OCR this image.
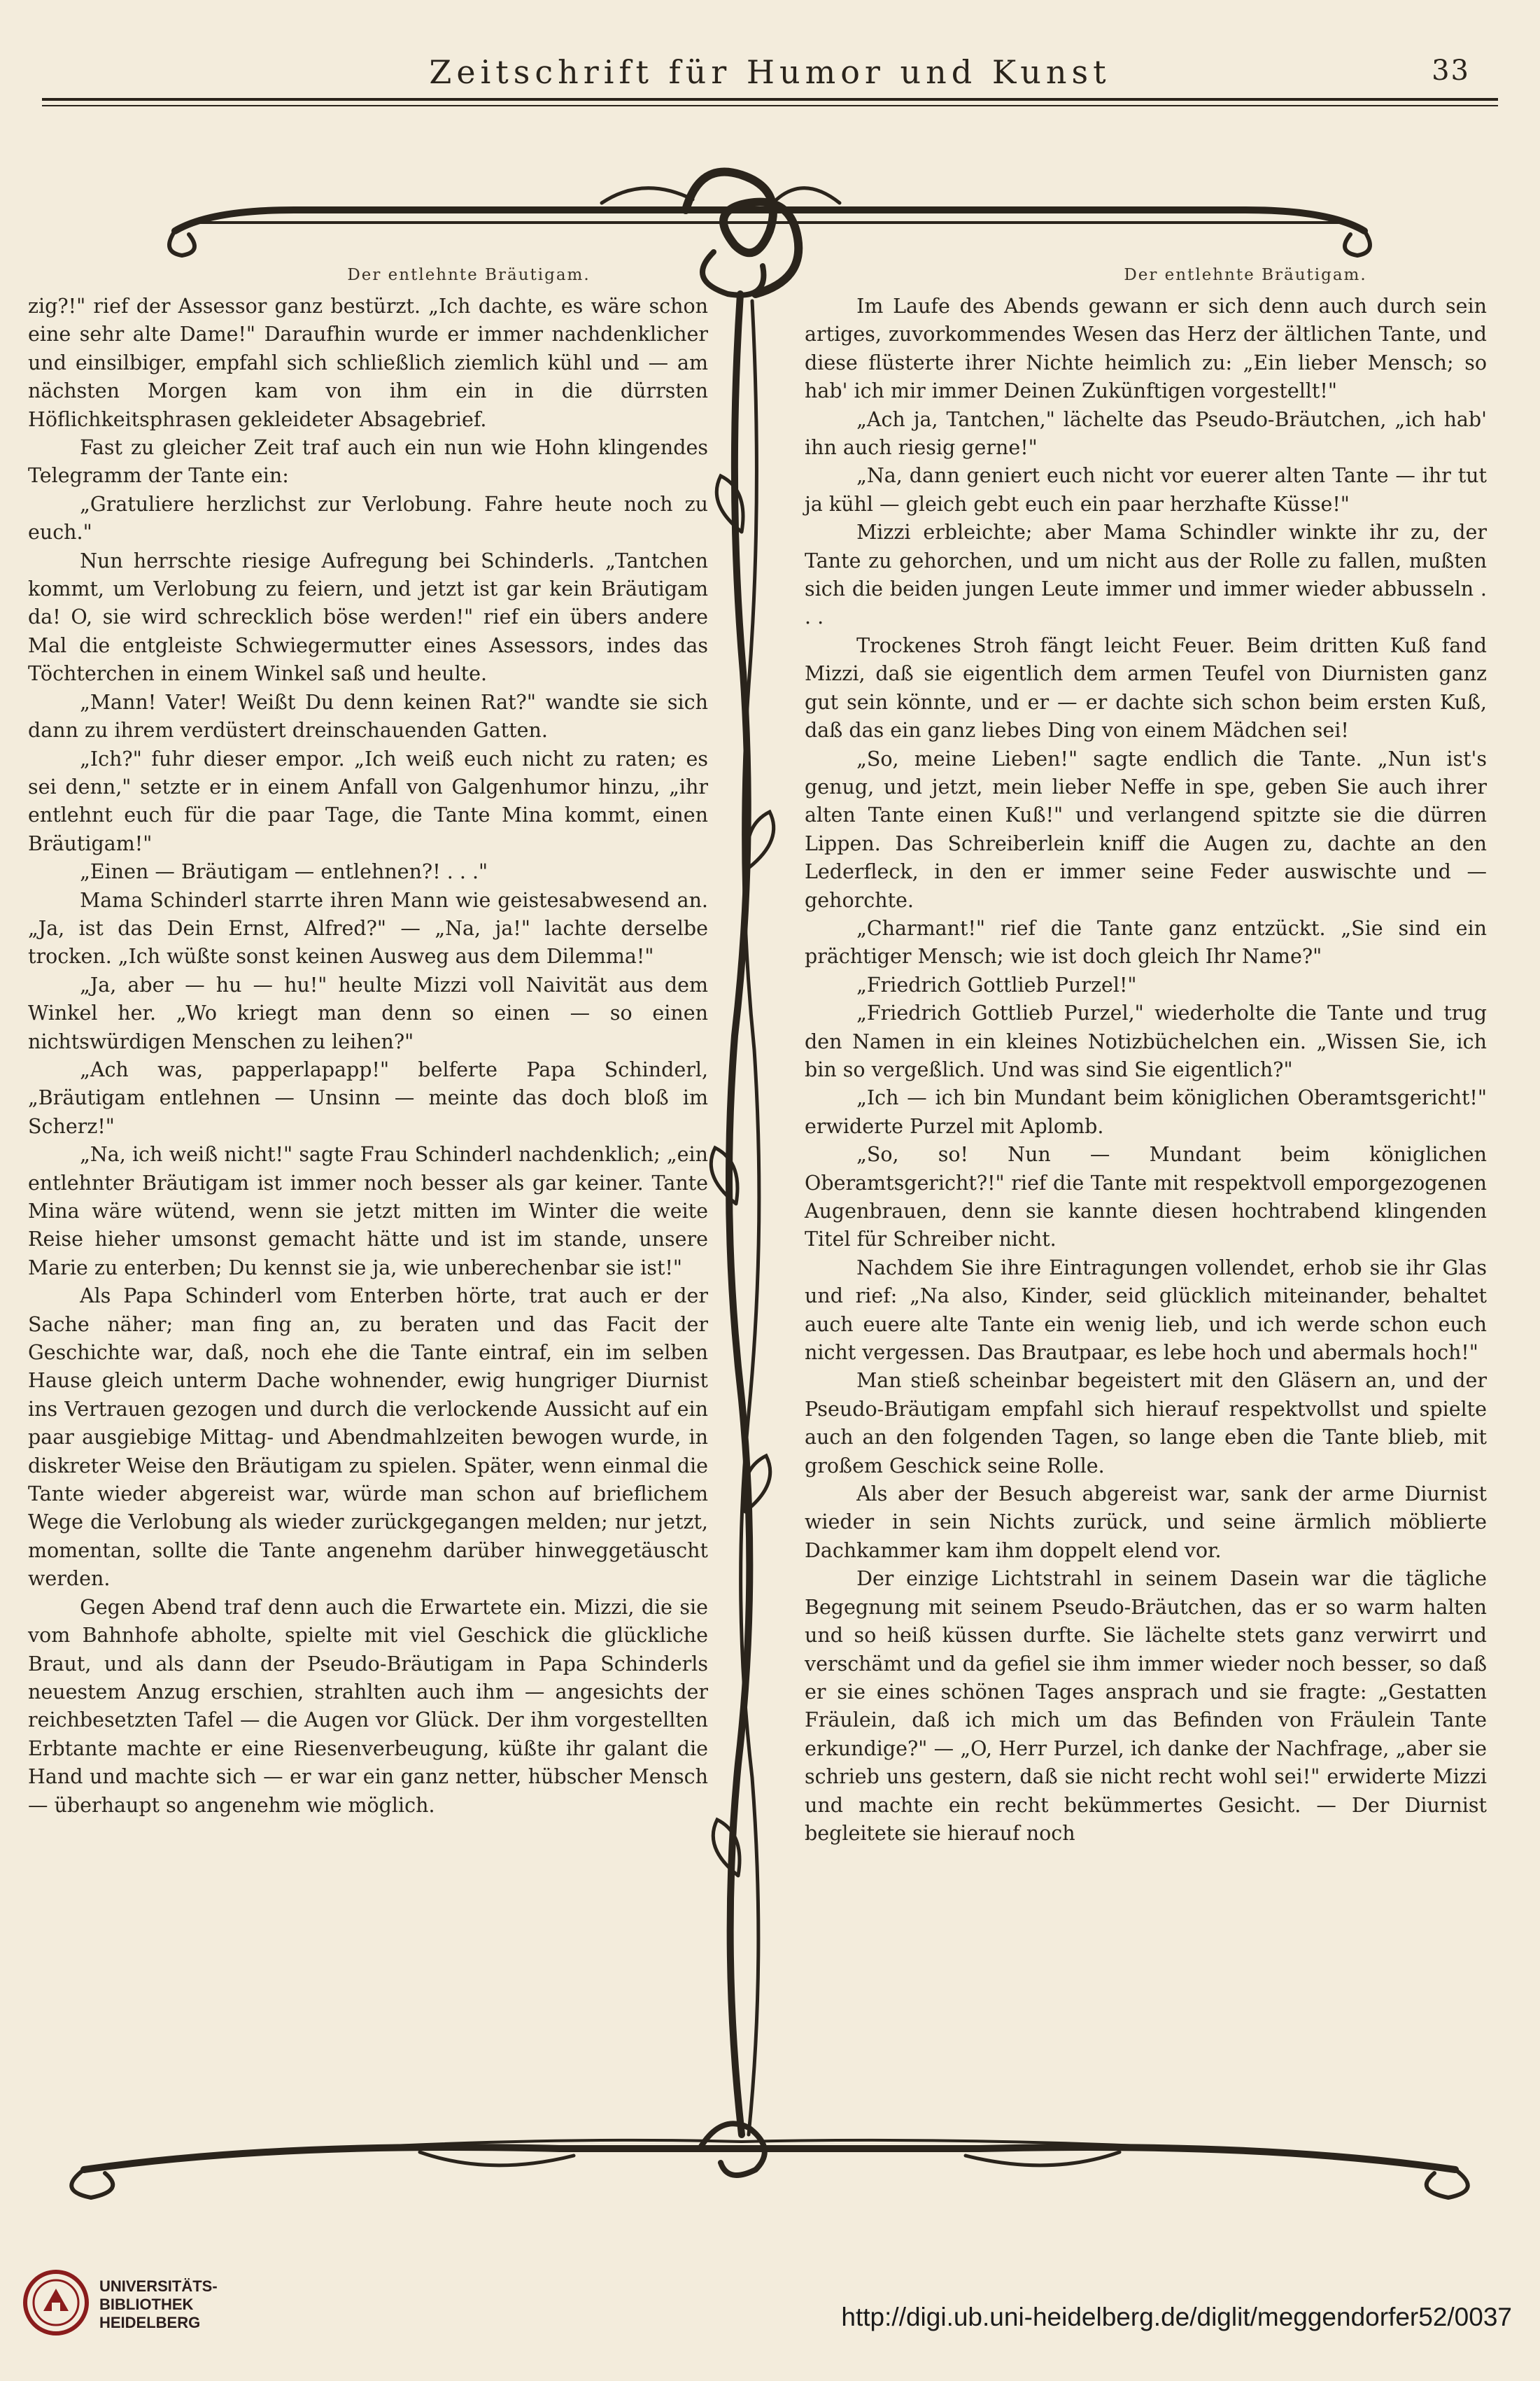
Zeitschrift für Humor und Kunst	33
Der entlehnte Bräutigam.	Der entlehnte Bräutigam.

zig?!" rief der Assessor ganz bestürzt. „Ich dachte, es wäre schon eine sehr alte Dame!" Daraufhin wurde er immer nachdenklicher und einsilbiger, empfahl sich schließlich ziemlich kühl und — am nächsten Morgen kam von ihm ein in die dürrsten Höflichkeitsphrasen gekleideter Absagebrief.

Fast zu gleicher Zeit traf auch ein nun wie Hohn klingendes Telegramm der Tante ein:

„Gratuliere herzlichst zur Verlobung. Fahre heute noch zu euch."

Nun herrschte riesige Aufregung bei Schinderls. „Tantchen kommt, um Verlobung zu feiern, und jetzt ist gar kein Bräutigam da! O, sie wird schrecklich böse werden!" rief ein übers andere Mal die entgleiste Schwiegermutter eines Assessors, indes das Töchterchen in einem Winkel saß und heulte.

„Mann! Vater! Weißt Du denn keinen Rat?" wandte sie sich dann zu ihrem verdüstert dreinschauenden Gatten.

„Ich?" fuhr dieser empor. „Ich weiß euch nicht zu raten; es sei denn," setzte er in einem Anfall von Galgenhumor hinzu, „ihr entlehnt euch für die paar Tage, die Tante Mina kommt, einen Bräutigam!"

„Einen — Bräutigam — entlehnen?! . . ."

Mama Schinderl starrte ihren Mann wie geistesabwesend an. „Ja, ist das Dein Ernst, Alfred?" — „Na, ja!" lachte derselbe trocken. „Ich wüßte sonst keinen Ausweg aus dem Dilemma!"

„Ja, aber — hu — hu!" heulte Mizzi voll Naivität aus dem Winkel her. „Wo kriegt man denn so einen — so einen nichtswürdigen Menschen zu leihen?"

„Ach was, papperlapapp!" belferte Papa Schinderl, „Bräutigam entlehnen — Unsinn — meinte das doch bloß im Scherz!"

„Na, ich weiß nicht!" sagte Frau Schinderl nachdenklich; „ein entlehnter Bräutigam ist immer noch besser als gar keiner. Tante Mina wäre wütend, wenn sie jetzt mitten im Winter die weite Reise hieher umsonst gemacht hätte und ist im stande, unsere Marie zu enterben; Du kennst sie ja, wie unberechenbar sie ist!"

Als Papa Schinderl vom Enterben hörte, trat auch er der Sache näher; man fing an, zu beraten und das Facit der Geschichte war, daß, noch ehe die Tante eintraf, ein im selben Hause gleich unterm Dache wohnender, ewig hungriger Diurnist ins Vertrauen gezogen und durch die verlockende Aussicht auf ein paar ausgiebige Mittag- und Abendmahlzeiten bewogen wurde, in diskreter Weise den Bräutigam zu spielen. Später, wenn einmal die Tante wieder abgereist war, würde man schon auf brieflichem Wege die Verlobung als wieder zurückgegangen melden; nur jetzt, momentan, sollte die Tante angenehm darüber hinweggetäuscht werden.

Gegen Abend traf denn auch die Erwartete ein. Mizzi, die sie vom Bahnhofe abholte, spielte mit viel Geschick die glückliche Braut, und als dann der Pseudo-Bräutigam in Papa Schinderls neuestem Anzug erschien, strahlten auch ihm — angesichts der reichbesetzten Tafel — die Augen vor Glück. Der ihm vorgestellten Erbtante machte er eine Riesenverbeugung, küßte ihr galant die Hand und machte sich — er war ein ganz netter, hübscher Mensch — überhaupt so angenehm wie möglich.

Im Laufe des Abends gewann er sich denn auch durch sein artiges, zuvorkommendes Wesen das Herz der ältlichen Tante, und diese flüsterte ihrer Nichte heimlich zu: „Ein lieber Mensch; so hab' ich mir immer Deinen Zukünftigen vorgestellt!"

„Ach ja, Tantchen," lächelte das Pseudo-Bräutchen, „ich hab' ihn auch riesig gerne!"

„Na, dann geniert euch nicht vor euerer alten Tante — ihr tut ja kühl — gleich gebt euch ein paar herzhafte Küsse!"

Mizzi erbleichte; aber Mama Schindler winkte ihr zu, der Tante zu gehorchen, und um nicht aus der Rolle zu fallen, mußten sich die beiden jungen Leute immer und immer wieder abbusseln . . .

Trockenes Stroh fängt leicht Feuer. Beim dritten Kuß fand Mizzi, daß sie eigentlich dem armen Teufel von Diurnisten ganz gut sein könnte, und er — er dachte sich schon beim ersten Kuß, daß das ein ganz liebes Ding von einem Mädchen sei!

„So, meine Lieben!" sagte endlich die Tante. „Nun ist's genug, und jetzt, mein lieber Neffe in spe, geben Sie auch ihrer alten Tante einen Kuß!" und verlangend spitzte sie die dürren Lippen. Das Schreiberlein kniff die Augen zu, dachte an den Lederfleck, in den er immer seine Feder auswischte und — gehorchte.

„Charmant!" rief die Tante ganz entzückt. „Sie sind ein prächtiger Mensch; wie ist doch gleich Ihr Name?"

„Friedrich Gottlieb Purzel!"

„Friedrich Gottlieb Purzel," wiederholte die Tante und trug den Namen in ein kleines Notizbüchelchen ein. „Wissen Sie, ich bin so vergeßlich. Und was sind Sie eigentlich?"

„Ich — ich bin Mundant beim königlichen Oberamtsgericht!" erwiderte Purzel mit Aplomb.

„So, so! Nun — Mundant beim königlichen Oberamtsgericht?!" rief die Tante mit respektvoll emporgezogenen Augenbrauen, denn sie kannte diesen hochtrabend klingenden Titel für Schreiber nicht.

Nachdem Sie ihre Eintragungen vollendet, erhob sie ihr Glas und rief: „Na also, Kinder, seid glücklich miteinander, behaltet auch euere alte Tante ein wenig lieb, und ich werde schon euch nicht vergessen. Das Brautpaar, es lebe hoch und abermals hoch!"

Man stieß scheinbar begeistert mit den Gläsern an, und der Pseudo-Bräutigam empfahl sich hierauf respektvollst und spielte auch an den folgenden Tagen, so lange eben die Tante blieb, mit großem Geschick seine Rolle.

Als aber der Besuch abgereist war, sank der arme Diurnist wieder in sein Nichts zurück, und seine ärmlich möblierte Dachkammer kam ihm doppelt elend vor.

Der einzige Lichtstrahl in seinem Dasein war die tägliche Begegnung mit seinem Pseudo-Bräutchen, das er so warm halten und so heiß küssen durfte. Sie lächelte stets ganz verwirrt und verschämt und da gefiel sie ihm immer wieder noch besser, so daß er sie eines schönen Tages ansprach und sie fragte: „Gestatten Fräulein, daß ich mich um das Befinden von Fräulein Tante erkundige?" — „O, Herr Purzel, ich danke der Nachfrage, „aber sie schrieb uns gestern, daß sie nicht recht wohl sei!" erwiderte Mizzi und machte ein recht bekümmertes Gesicht. — Der Diurnist begleitete sie hierauf noch

UNIVERSITÄTS-
BIBLIOTHEK
HEIDELBERG	http://digi.ub.uni-heidelberg.de/diglit/meggendorfer52/0037
